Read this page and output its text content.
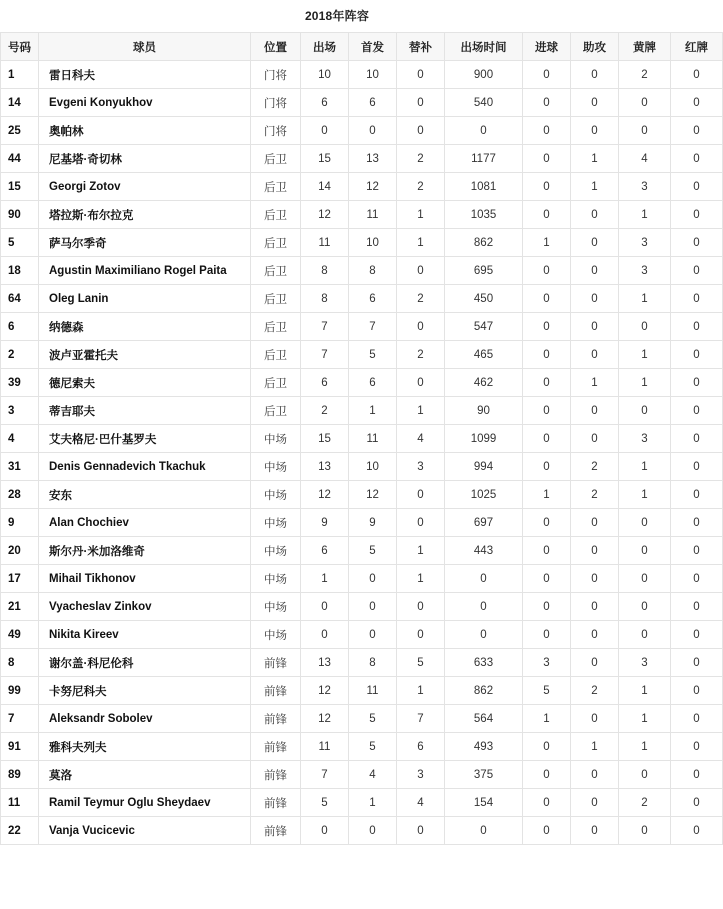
2018年阵容
号码	球员	位置	出场	首发	替补	出场时间	进球	助攻	黄牌	红牌
1	雷日科夫	门将	10	10	0	900	0	0	2	0
14	Evgeni Konyukhov	门将	6	6	0	540	0	0	0	0
25	奥帕林	门将	0	0	0	0	0	0	0	0
44	尼基塔·奇切林	后卫	15	13	2	1177	0	1	4	0
15	Georgi Zotov	后卫	14	12	2	1081	0	1	3	0
90	塔拉斯·布尔拉克	后卫	12	11	1	1035	0	0	1	0
5	萨马尔季奇	后卫	11	10	1	862	1	0	3	0
18	Agustin Maximiliano Rogel Paita	后卫	8	8	0	695	0	0	3	0
64	Oleg Lanin	后卫	8	6	2	450	0	0	1	0
6	纳德森	后卫	7	7	0	547	0	0	0	0
2	波卢亚霍托夫	后卫	7	5	2	465	0	0	1	0
39	德尼索夫	后卫	6	6	0	462	0	1	1	0
3	蒂吉耶夫	后卫	2	1	1	90	0	0	0	0
4	艾夫格尼·巴什基罗夫	中场	15	11	4	1099	0	0	3	0
31	Denis Gennadevich Tkachuk	中场	13	10	3	994	0	2	1	0
28	安东	中场	12	12	0	1025	1	2	1	0
9	Alan Chochiev	中场	9	9	0	697	0	0	0	0
20	斯尔丹·米加洛维奇	中场	6	5	1	443	0	0	0	0
17	Mihail Tikhonov	中场	1	0	1	0	0	0	0	0
21	Vyacheslav Zinkov	中场	0	0	0	0	0	0	0	0
49	Nikita Kireev	中场	0	0	0	0	0	0	0	0
8	谢尔盖·科尼伦科	前锋	13	8	5	633	3	0	3	0
99	卡努尼科夫	前锋	12	11	1	862	5	2	1	0
7	Aleksandr Sobolev	前锋	12	5	7	564	1	0	1	0
91	雅科夫列夫	前锋	11	5	6	493	0	1	1	0
89	莫洛	前锋	7	4	3	375	0	0	0	0
11	Ramil Teymur Oglu Sheydaev	前锋	5	1	4	154	0	0	2	0
22	Vanja Vucicevic	前锋	0	0	0	0	0	0	0	0
